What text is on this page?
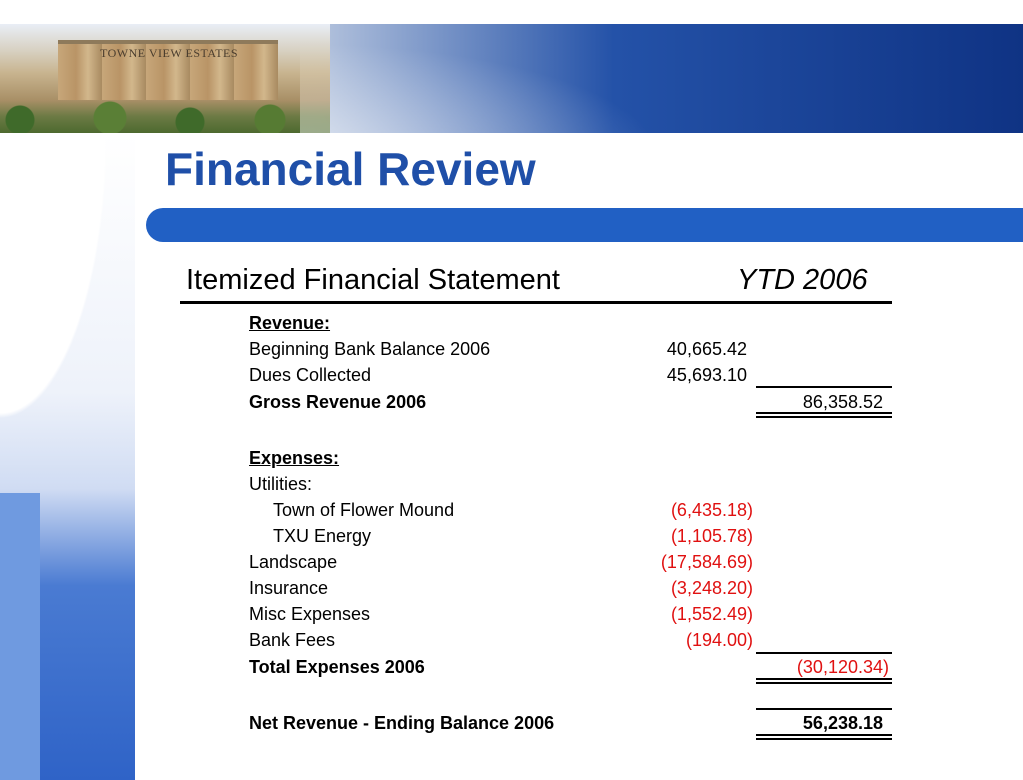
TOWNE VIEW ESTATES
Financial Review
Itemized Financial Statement	YTD 2006
Revenue:
Beginning Bank Balance 2006	40,665.42
Dues Collected	45,693.10
Gross Revenue 2006	86,358.52
Expenses:
Utilities:
Town of Flower Mound	(6,435.18)
TXU Energy	(1,105.78)
Landscape	(17,584.69)
Insurance	(3,248.20)
Misc Expenses	(1,552.49)
Bank Fees	(194.00)
Total Expenses 2006	(30,120.34)
Net Revenue - Ending Balance 2006	56,238.18
